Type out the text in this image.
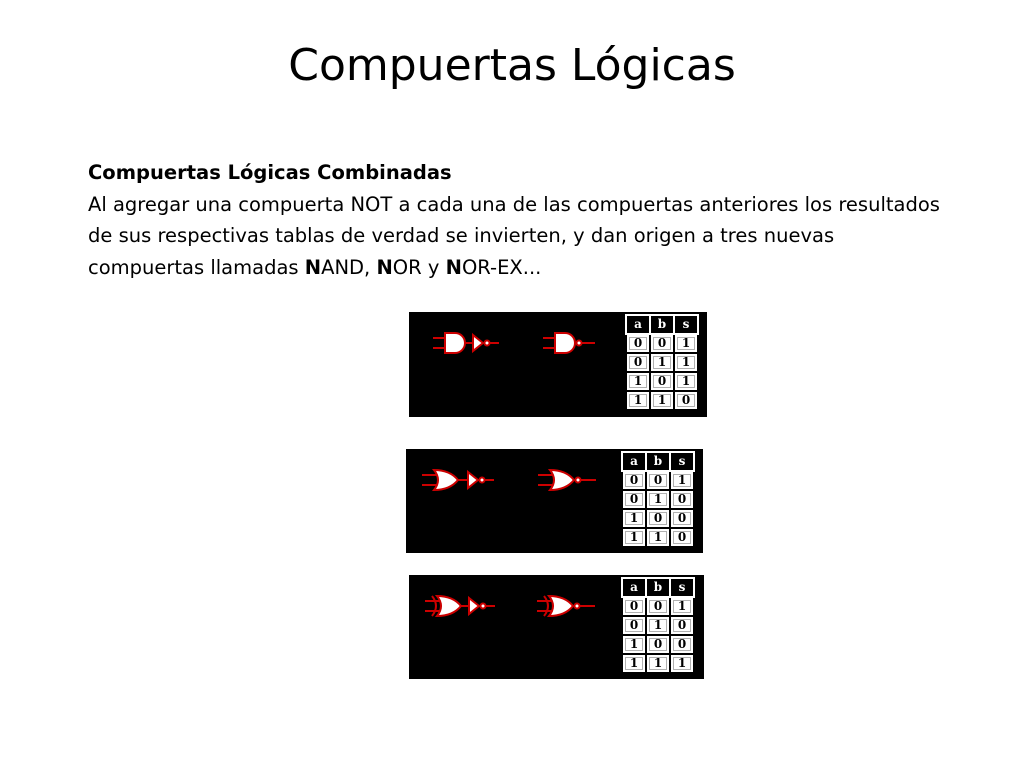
Compuertas Lógicas

Compuertas Lógicas Combinadas

Al agregar una compuerta NOT a cada una de las compuertas anteriores los resultados de sus respectivas tablas de verdad se invierten, y dan origen a tres nuevas compuertas llamadas NAND, NOR y NOR-EX...

a	b	s
0	0	1
0	1	1
1	0	1
1	1	0
a	b	s
0	0	1
0	1	0
1	0	0
1	1	0
a	b	s
0	0	1
0	1	0
1	0	0
1	1	1
